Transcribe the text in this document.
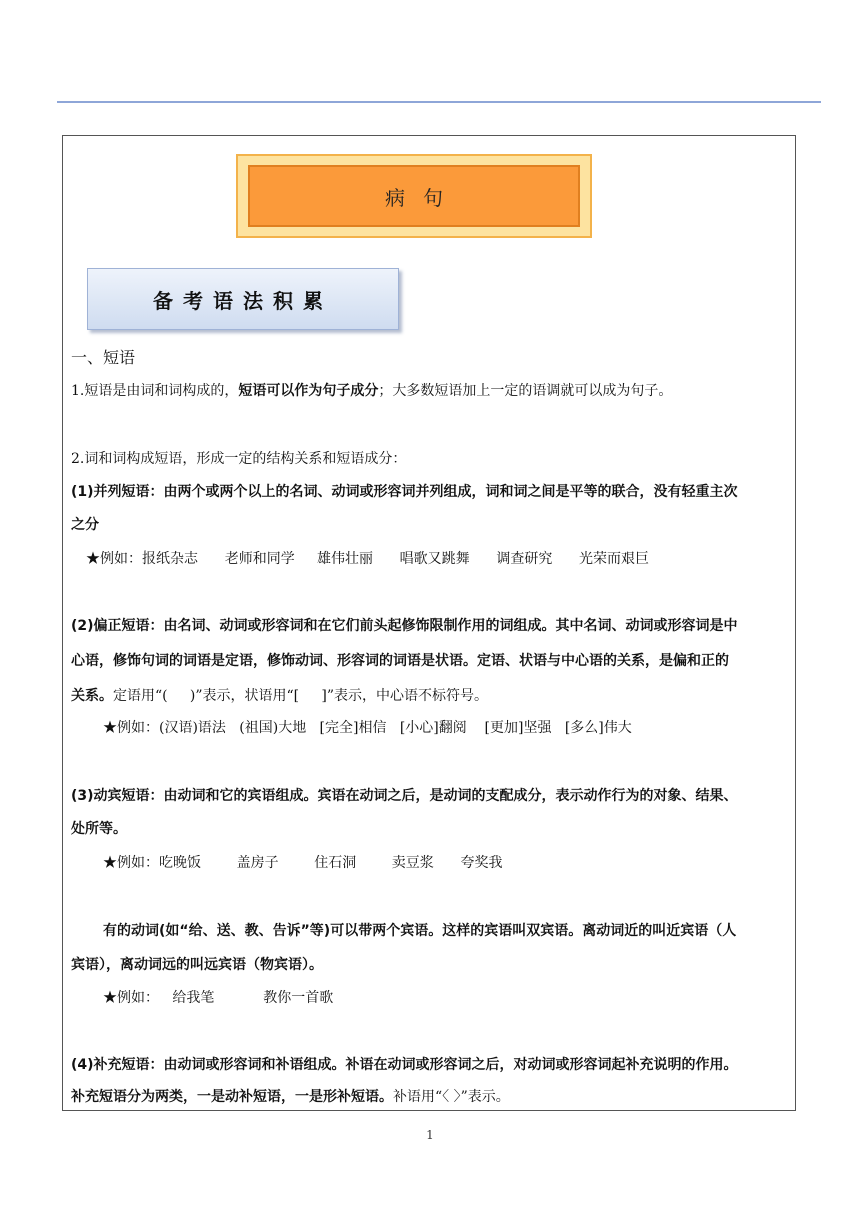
病句
备考语法积累
一、短语
1.短语是由词和词构成的，短语可以作为句子成分；大多数短语加上一定的语调就可以成为句子。
2.词和词构成短语，形成一定的结构关系和短语成分：
(1)并列短语：由两个或两个以上的名词、动词或形容词并列组成，词和词之间是平等的联合，没有轻重主次
之分
★例如：报纸杂志      老师和同学     雄伟壮丽      唱歌又跳舞      调查研究      光荣而艰巨
(2)偏正短语：由名词、动词或形容词和在它们前头起修饰限制作用的词组成。其中名词、动词或形容词是中
心语，修饰句词的词语是定语，修饰动词、形容词的词语是状语。定语、状语与中心语的关系，是偏和正的
关系。定语用“(     )”表示，状语用“[     ]”表示，中心语不标符号。
★例如：(汉语)语法   (祖国)大地   [完全]相信   [小心]翻阅    [更加]坚强   [多么]伟大
(3)动宾短语：由动词和它的宾语组成。宾语在动词之后，是动词的支配成分，表示动作行为的对象、结果、
处所等。
★例如：吃晚饭        盖房子        住石洞        卖豆浆      夸奖我
有的动词(如“给、送、教、告诉”等)可以带两个宾语。这样的宾语叫双宾语。离动词近的叫近宾语（人
宾语），离动词远的叫远宾语（物宾语）。
★例如：   给我笔           教你一首歌
(4)补充短语：由动词或形容词和补语组成。补语在动词或形容词之后，对动词或形容词起补充说明的作用。
补充短语分为两类，一是动补短语，一是形补短语。补语用“〈 〉”表示。
1
